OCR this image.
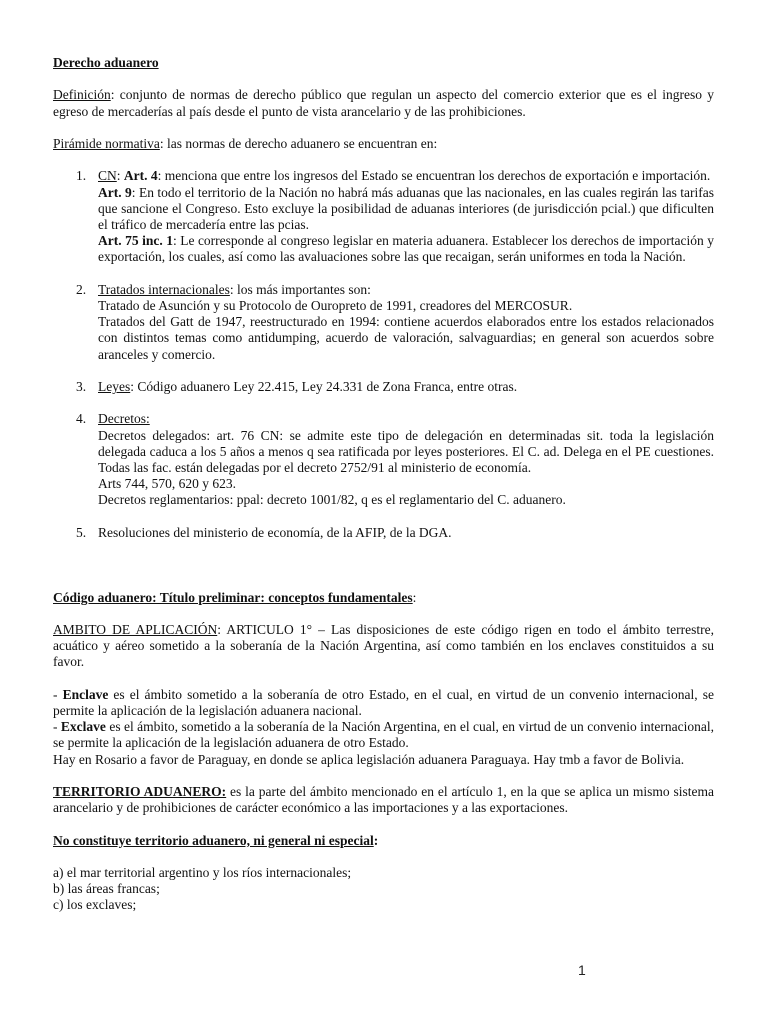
Derecho aduanero

Definición: conjunto de normas de derecho público que regulan un aspecto del comercio exterior que es el ingreso y egreso de mercaderías al país desde el punto de vista arancelario y de las prohibiciones.

Pirámide normativa: las normas de derecho aduanero se encuentran en:

1. CN: Art. 4: menciona que entre los ingresos del Estado se encuentran los derechos de exportación e importación.

Art. 9: En todo el territorio de la Nación no habrá más aduanas que las nacionales, en las cuales regirán las tarifas que sancione el Congreso. Esto excluye la posibilidad de aduanas interiores (de jurisdicción pcial.) que dificulten el tráfico de mercadería entre las pcias.

Art. 75 inc. 1: Le corresponde al congreso legislar en materia aduanera. Establecer los derechos de importación y exportación, los cuales, así como las avaluaciones sobre las que recaigan, serán uniformes en toda la Nación.

2. Tratados internacionales: los más importantes son:

Tratado de Asunción y su Protocolo de Ouropreto de 1991, creadores del MERCOSUR.

Tratados del Gatt de 1947, reestructurado en 1994: contiene acuerdos elaborados entre los estados relacionados con distintos temas como antidumping, acuerdo de valoración, salvaguardias; en general son acuerdos sobre aranceles y comercio.

3. Leyes: Código aduanero Ley 22.415, Ley 24.331 de Zona Franca, entre otras.

4. Decretos:

Decretos delegados: art. 76 CN: se admite este tipo de delegación en determinadas sit. toda la legislación delegada caduca a los 5 años a menos q sea ratificada por leyes posteriores. El C. ad. Delega en el PE cuestiones. Todas las fac. están delegadas por el decreto 2752/91 al ministerio de economía.

Arts 744, 570, 620 y 623.

Decretos reglamentarios: ppal: decreto 1001/82, q es el reglamentario del C. aduanero.

5. Resoluciones del ministerio de economía, de la AFIP, de la DGA.

Código aduanero: Título preliminar: conceptos fundamentales:

AMBITO DE APLICACIÓN: ARTICULO 1° – Las disposiciones de este código rigen en todo el ámbito terrestre, acuático y aéreo sometido a la soberanía de la Nación Argentina, así como también en los enclaves constituidos a su favor.

- Enclave es el ámbito sometido a la soberanía de otro Estado, en el cual, en virtud de un convenio internacional, se permite la aplicación de la legislación aduanera nacional.

- Exclave es el ámbito, sometido a la soberanía de la Nación Argentina, en el cual, en virtud de un convenio internacional, se permite la aplicación de la legislación aduanera de otro Estado.

Hay en Rosario a favor de Paraguay, en donde se aplica legislación aduanera Paraguaya. Hay tmb a favor de Bolivia.

TERRITORIO ADUANERO: es la parte del ámbito mencionado en el artículo 1, en la que se aplica un mismo sistema arancelario y de prohibiciones de carácter económico a las importaciones y a las exportaciones.

No constituye territorio aduanero, ni general ni especial:

a) el mar territorial argentino y los ríos internacionales;

b) las áreas francas;

c) los exclaves;

1
